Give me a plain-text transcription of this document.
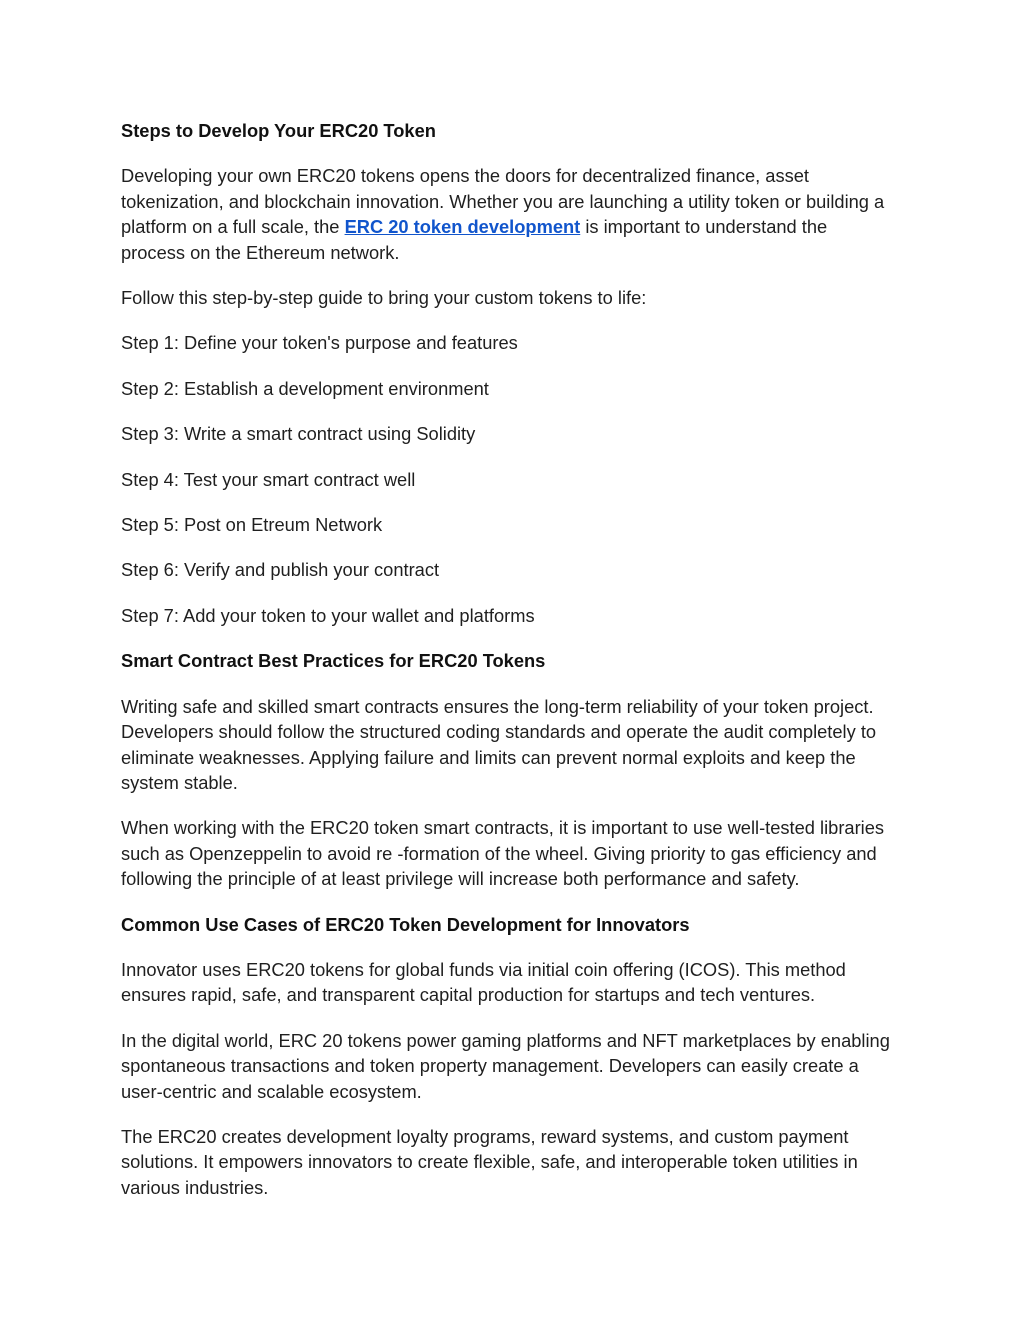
Steps to Develop Your ERC20 Token

Developing your own ERC20 tokens opens the doors for decentralized finance, asset tokenization, and blockchain innovation. Whether you are launching a utility token or building a platform on a full scale, the ERC 20 token development is important to understand the process on the Ethereum network.

Follow this step-by-step guide to bring your custom tokens to life:

Step 1: Define your token's purpose and features

Step 2: Establish a development environment

Step 3: Write a smart contract using Solidity

Step 4: Test your smart contract well

Step 5: Post on Etreum Network

Step 6: Verify and publish your contract

Step 7: Add your token to your wallet and platforms

Smart Contract Best Practices for ERC20 Tokens

Writing safe and skilled smart contracts ensures the long-term reliability of your token project. Developers should follow the structured coding standards and operate the audit completely to eliminate weaknesses. Applying failure and limits can prevent normal exploits and keep the system stable.

When working with the ERC20 token smart contracts, it is important to use well-tested libraries such as Openzeppelin to avoid re -formation of the wheel. Giving priority to gas efficiency and following the principle of at least privilege will increase both performance and safety.

Common Use Cases of ERC20 Token Development for Innovators

Innovator uses ERC20 tokens for global funds via initial coin offering (ICOS). This method ensures rapid, safe, and transparent capital production for startups and tech ventures.

In the digital world, ERC 20 tokens power gaming platforms and NFT marketplaces by enabling spontaneous transactions and token property management. Developers can easily create a user-centric and scalable ecosystem.

The ERC20 creates development loyalty programs, reward systems, and custom payment solutions. It empowers innovators to create flexible, safe, and interoperable token utilities in various industries.
